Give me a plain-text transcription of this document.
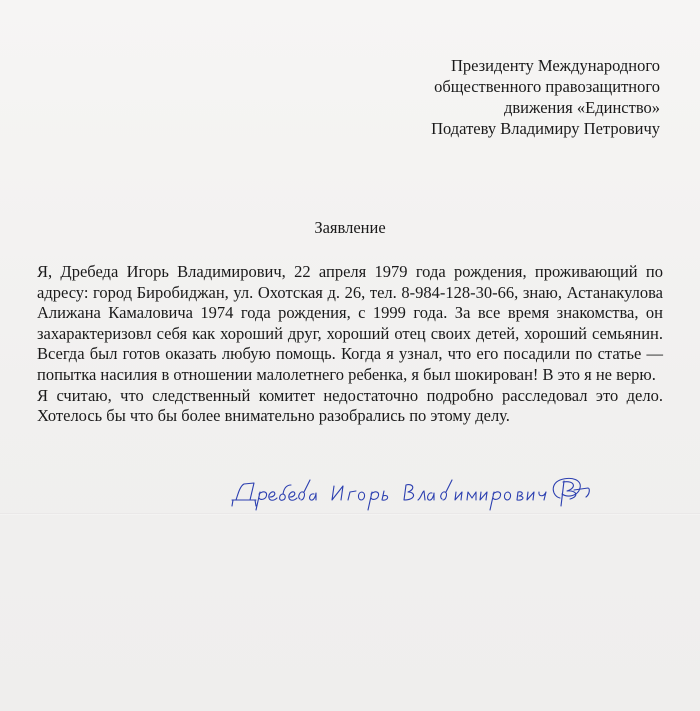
Президенту Международного
общественного правозащитного
движения «Единство»
Податеву Владимиру Петровичу
Заявление

Я, Дребеда Игорь Владимирович, 22 апреля 1979 года рождения, проживающий по адресу: город Биробиджан, ул. Охотская д. 26, тел. 8-984-128-30-66, знаю, Астанакулова Алижана Камаловича 1974 года рождения, с 1999 года. За все время знакомства, он захарактеризовл себя как хороший друг, хороший отец своих детей, хороший семьянин. Всегда был готов оказать любую помощь. Когда я узнал, что его посадили по статье — попытка насилия в отношении малолетнего ребенка, я был шокирован! В это я не верю.

Я считаю, что следственный комитет недостаточно подробно расследовал это дело. Хотелось бы что бы более внимательно разобрались по этому делу.
